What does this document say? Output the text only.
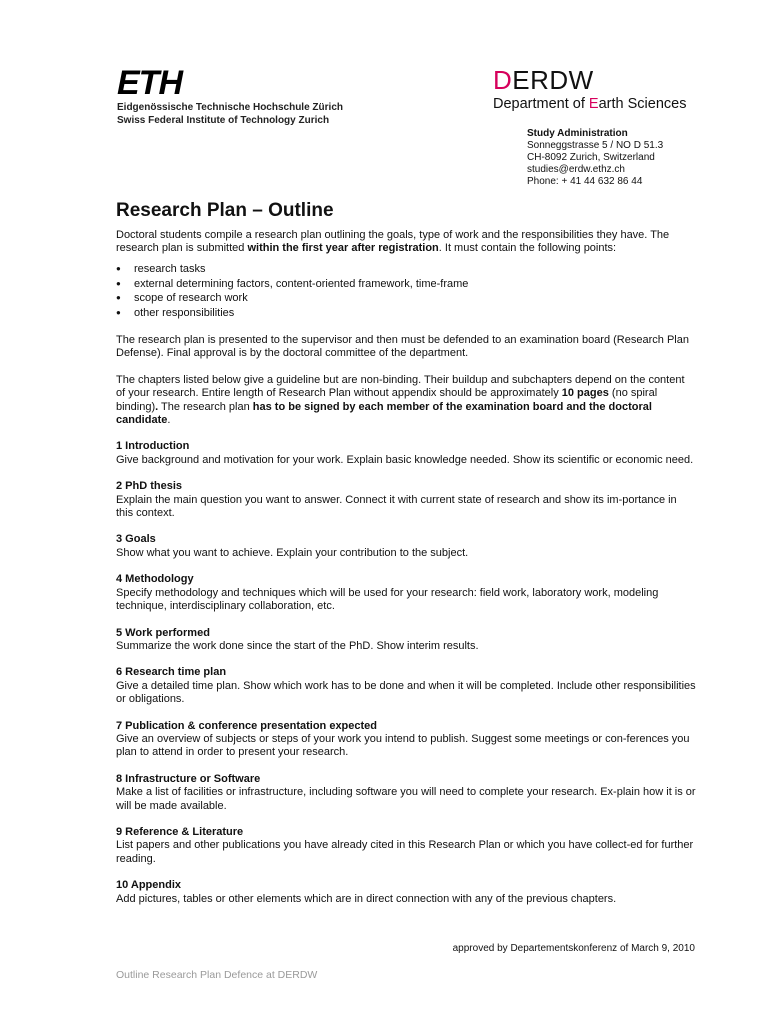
ETH
Eidgenössische Technische Hochschule Zürich
Swiss Federal Institute of Technology Zurich
DERDW
Department of Earth Sciences
Study Administration
Sonneggstrasse 5 / NO D 51.3
CH-8092 Zurich, Switzerland
studies@erdw.ethz.ch
Phone: + 41 44 632 86 44
Research Plan – Outline

Doctoral students compile a research plan outlining the goals, type of work and the responsibilities they have. The research plan is submitted within the first year after registration. It must contain the following points:

● research tasks
● external determining factors, content-oriented framework, time-frame
● scope of research work
● other responsibilities

The research plan is presented to the supervisor and then must be defended to an examination board (Research Plan Defense). Final approval is by the doctoral committee of the department.

The chapters listed below give a guideline but are non-binding. Their buildup and subchapters depend on the content of your research. Entire length of Research Plan without appendix should be approximately 10 pages (no spiral binding). The research plan has to be signed by each member of the examination board and the doctoral candidate.

1 Introduction
Give background and motivation for your work. Explain basic knowledge needed. Show its scientific or economic need.
2 PhD thesis
Explain the main question you want to answer. Connect it with current state of research and show its im-portance in this context.
3 Goals
Show what you want to achieve. Explain your contribution to the subject.
4 Methodology
Specify methodology and techniques which will be used for your research: field work, laboratory work, modeling technique, interdisciplinary collaboration, etc.
5 Work performed
Summarize the work done since the start of the PhD. Show interim results.
6 Research time plan
Give a detailed time plan. Show which work has to be done and when it will be completed. Include other responsibilities or obligations.
7 Publication & conference presentation expected
Give an overview of subjects or steps of your work you intend to publish. Suggest some meetings or con-ferences you plan to attend in order to present your research.
8 Infrastructure or Software
Make a list of facilities or infrastructure, including software you will need to complete your research. Ex-plain how it is or will be made available.
9 Reference & Literature
List papers and other publications you have already cited in this Research Plan or which you have collect-ed for further reading.
10 Appendix
Add pictures, tables or other elements which are in direct connection with any of the previous chapters.
approved by Departementskonferenz of March 9, 2010
Outline Research Plan Defence at DERDW
